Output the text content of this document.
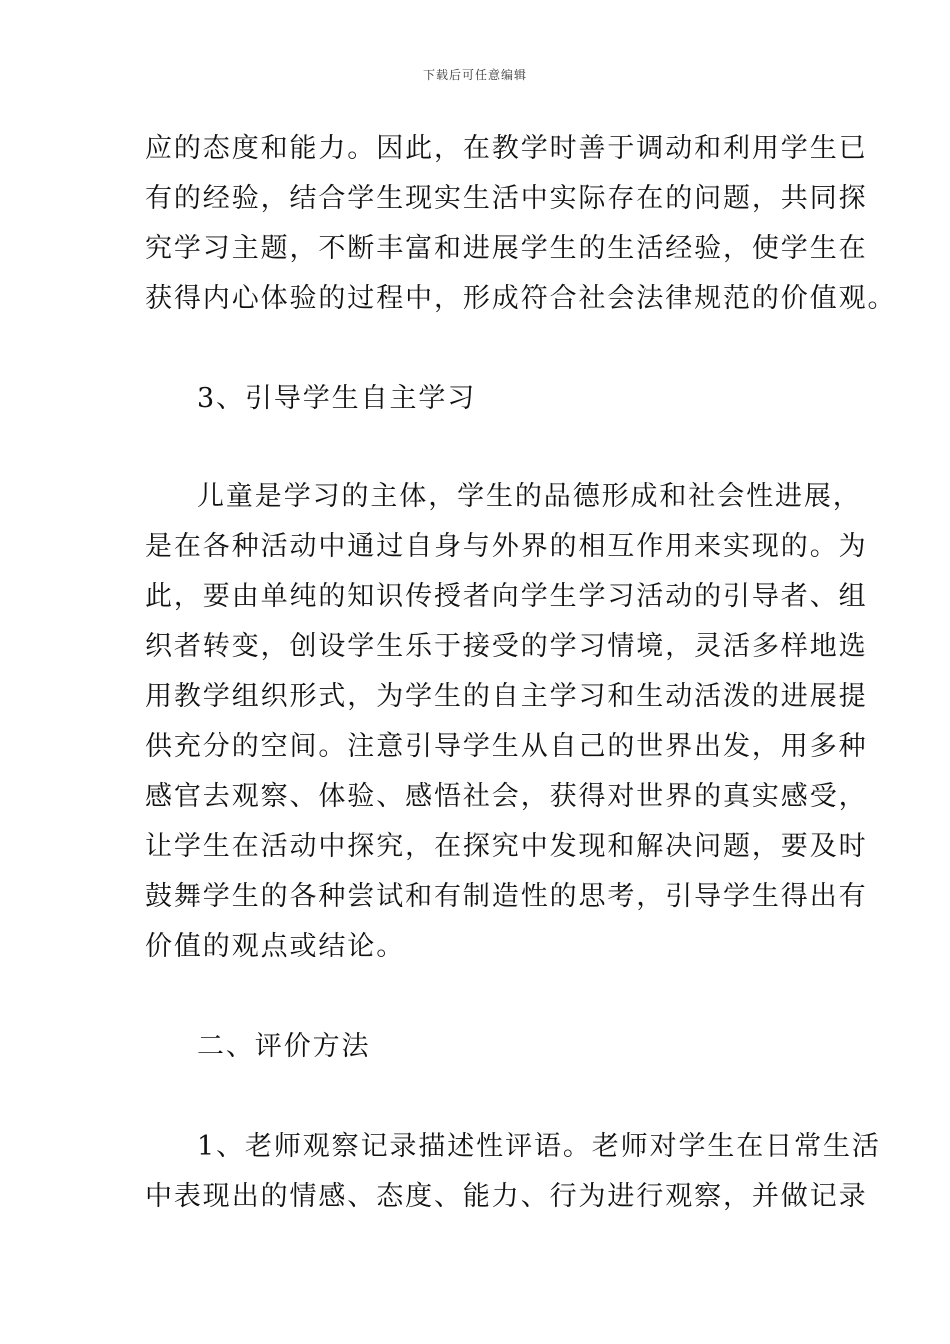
下载后可任意编辑
应的态度和能力。因此，在教学时善于调动和利用学生已
有的经验，结合学生现实生活中实际存在的问题，共同探
究学习主题，不断丰富和进展学生的生活经验，使学生在
获得内心体验的过程中，形成符合社会法律规范的价值观。
3、引导学生自主学习
儿童是学习的主体，学生的品德形成和社会性进展，
是在各种活动中通过自身与外界的相互作用来实现的。为
此，要由单纯的知识传授者向学生学习活动的引导者、组
织者转变，创设学生乐于接受的学习情境，灵活多样地选
用教学组织形式，为学生的自主学习和生动活泼的进展提
供充分的空间。注意引导学生从自己的世界出发，用多种
感官去观察、体验、感悟社会，获得对世界的真实感受，
让学生在活动中探究，在探究中发现和解决问题，要及时
鼓舞学生的各种尝试和有制造性的思考，引导学生得出有
价值的观点或结论。
二、评价方法
1、老师观察记录描述性评语。老师对学生在日常生活
中表现出的情感、态度、能力、行为进行观察，并做记录
